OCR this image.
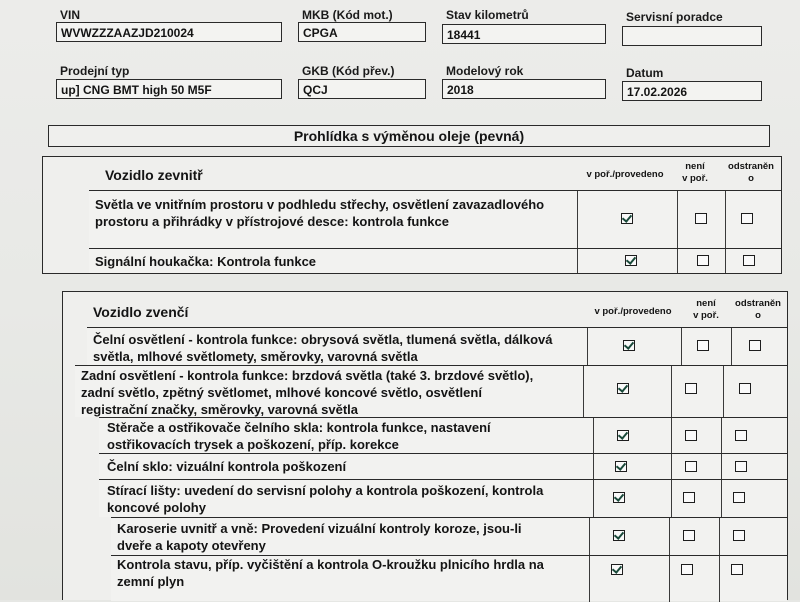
VIN
WVWZZZAAZJD210024
MKB (Kód mot.)
CPGA
Stav kilometrů
18441
Servisní poradce
Prodejní typ
up] CNG BMT high 50 M5F
GKB (Kód přev.)
QCJ
Modelový rok
2018
Datum
17.02.2026
Prohlídka s výměnou oleje (pevná)
Vozidlo zevnitř	v poř./provedeno
není
v poř.
odstraněn
o
Světla ve vnitřním prostoru v podhledu střechy, osvětlení zavazadlového prostoru a přihrádky v přístrojové desce: kontrola funkce
Signální houkačka: Kontrola funkce
Vozidlo zvenčí	v poř./provedeno
není
v poř.
odstraněn
o
Čelní osvětlení - kontrola funkce: obrysová světla, tlumená světla, dálková světla, mlhové světlomety, směrovky, varovná světla
Zadní osvětlení - kontrola funkce: brzdová světla (také 3. brzdové světlo), zadní světlo, zpětný světlomet, mlhové koncové světlo, osvětlení registrační značky, směrovky, varovná světla
Stěrače a ostřikovače čelního skla: kontrola funkce, nastavení ostřikovacích trysek a poškození, příp. korekce
Čelní sklo: vizuální kontrola poškození
Stírací lišty: uvedení do servisní polohy a kontrola poškození, kontrola koncové polohy
Karoserie uvnitř a vně: Provedení vizuální kontroly koroze, jsou-li dveře a kapoty otevřeny
Kontrola stavu, příp. vyčištění a kontrola O-kroužku plnicího hrdla na zemní plyn
